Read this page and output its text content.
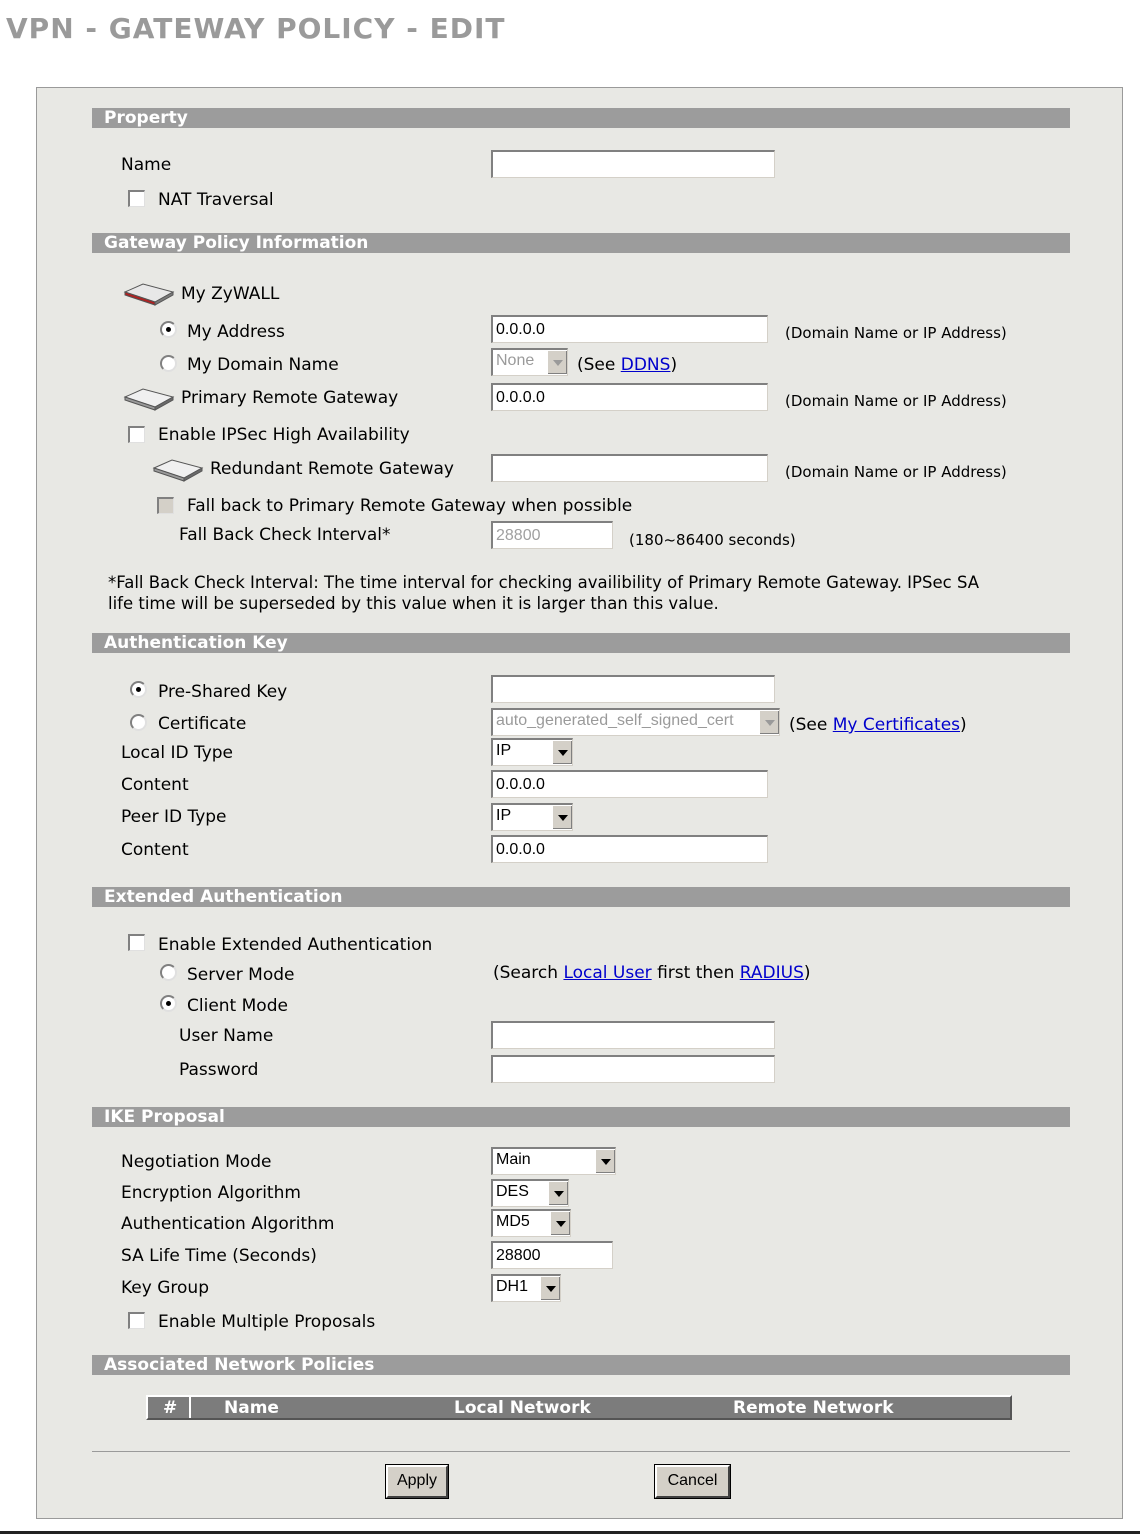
VPN - GATEWAY POLICY - EDIT
Property
Name
NAT Traversal
Gateway Policy Information
My ZyWALL
My Address	0.0.0.0	(Domain Name or IP Address)
My Domain Name	None	(See DDNS)
Primary Remote Gateway	0.0.0.0	(Domain Name or IP Address)
Enable IPSec High Availability
Redundant Remote Gateway	(Domain Name or IP Address)
Fall back to Primary Remote Gateway when possible
Fall Back Check Interval*	28800	(180~86400 seconds)
*Fall Back Check Interval: The time interval for checking availibility of Primary Remote Gateway. IPSec SA
life time will be superseded by this value when it is larger than this value.
Authentication Key
Pre-Shared Key
Certificate	auto_generated_self_signed_cert	(See My Certificates)
Local ID Type	IP
Content	0.0.0.0
Peer ID Type	IP
Content	0.0.0.0
Extended Authentication
Enable Extended Authentication
Server Mode	(Search Local User first then RADIUS)
Client Mode
User Name
Password
IKE Proposal
Negotiation Mode	Main
Encryption Algorithm	DES
Authentication Algorithm	MD5
SA Life Time (Seconds)	28800
Key Group	DH1
Enable Multiple Proposals
Associated Network Policies
#	Name	Local Network	Remote Network
Apply	Cancel
